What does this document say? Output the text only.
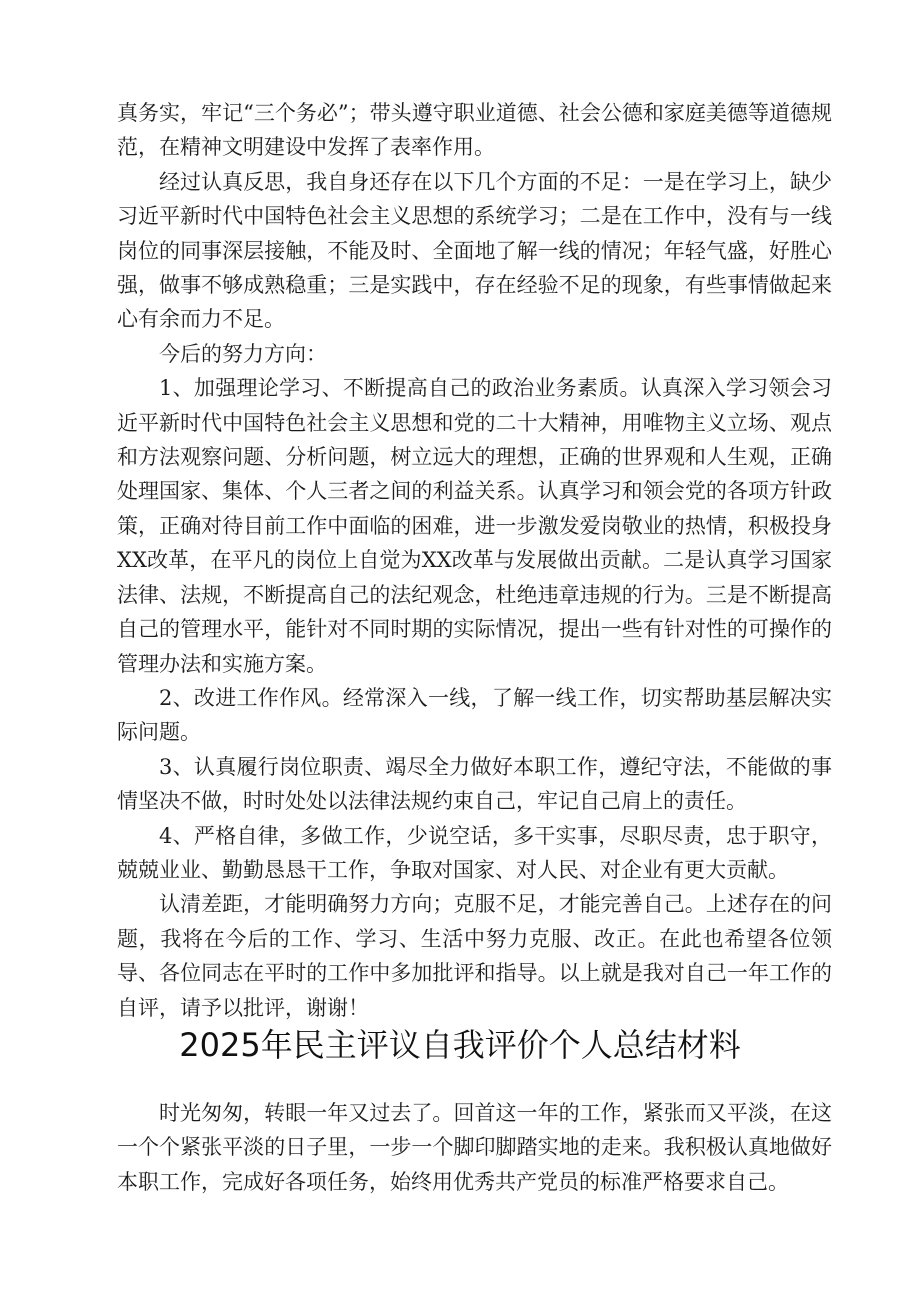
真务实，牢记“三个务必”；带头遵守职业道德、社会公德和家庭美德等道德规范，在精神文明建设中发挥了表率作用。

经过认真反思，我自身还存在以下几个方面的不足：一是在学习上，缺少习近平新时代中国特色社会主义思想的系统学习；二是在工作中，没有与一线岗位的同事深层接触，不能及时、全面地了解一线的情况；年轻气盛，好胜心强，做事不够成熟稳重；三是实践中，存在经验不足的现象，有些事情做起来心有余而力不足。

今后的努力方向：

1、加强理论学习、不断提高自己的政治业务素质。认真深入学习领会习近平新时代中国特色社会主义思想和党的二十大精神，用唯物主义立场、观点和方法观察问题、分析问题，树立远大的理想，正确的世界观和人生观，正确处理国家、集体、个人三者之间的利益关系。认真学习和领会党的各项方针政策，正确对待目前工作中面临的困难，进一步激发爱岗敬业的热情，积极投身XX改革，在平凡的岗位上自觉为XX改革与发展做出贡献。二是认真学习国家法律、法规，不断提高自己的法纪观念，杜绝违章违规的行为。三是不断提高自己的管理水平，能针对不同时期的实际情况，提出一些有针对性的可操作的管理办法和实施方案。

2、改进工作作风。经常深入一线，了解一线工作，切实帮助基层解决实际问题。

3、认真履行岗位职责、竭尽全力做好本职工作，遵纪守法，不能做的事情坚决不做，时时处处以法律法规约束自己，牢记自己肩上的责任。

4、严格自律，多做工作，少说空话，多干实事，尽职尽责，忠于职守，兢兢业业、勤勤恳恳干工作，争取对国家、对人民、对企业有更大贡献。

认清差距，才能明确努力方向；克服不足，才能完善自己。上述存在的问题，我将在今后的工作、学习、生活中努力克服、改正。在此也希望各位领导、各位同志在平时的工作中多加批评和指导。以上就是我对自己一年工作的自评，请予以批评，谢谢！

2025年民主评议自我评价个人总结材料

时光匆匆，转眼一年又过去了。回首这一年的工作，紧张而又平淡，在这一个个紧张平淡的日子里，一步一个脚印脚踏实地的走来。我积极认真地做好本职工作，完成好各项任务，始终用优秀共产党员的标准严格要求自己。
